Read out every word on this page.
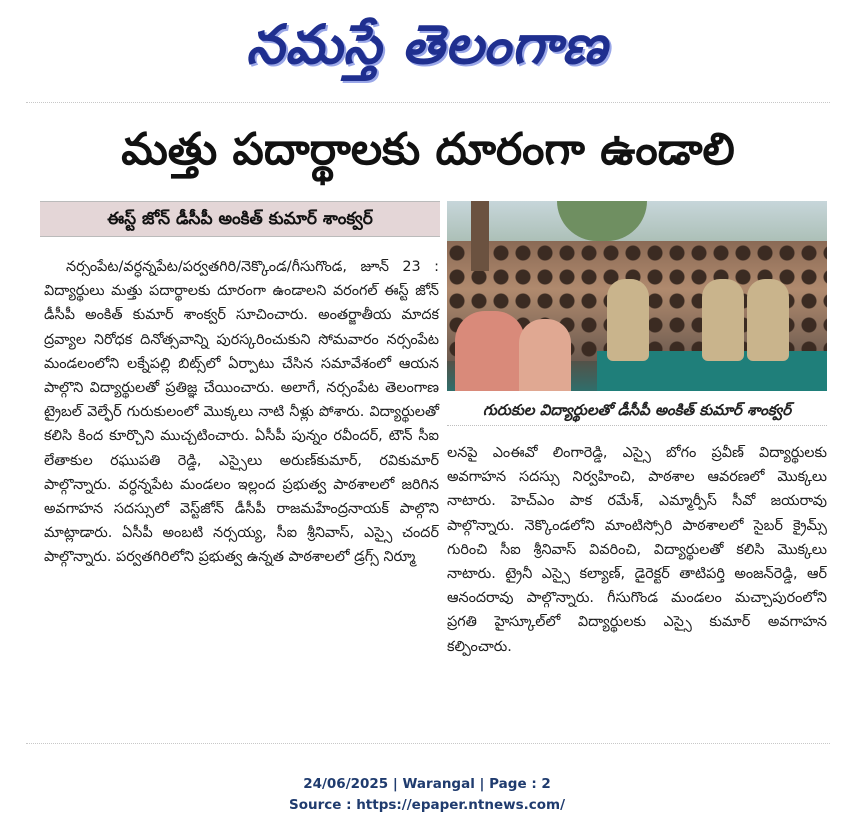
నమస్తే తెలంగాణ
మత్తు పదార్థాలకు దూరంగా ఉండాలి
ఈస్ట్ జోన్ డీసీపీ అంకిత్ కుమార్ శాంక్వర్

నర్సంపేట/వర్ధన్నపేట/పర్వతగిరి/నెక్కొండ/గీసుగొండ, జూన్ 23 : విద్యార్థులు మత్తు పదార్థాలకు దూరంగా ఉండాలని వరంగల్ ఈస్ట్ జోన్ డీసీపీ అంకిత్ కుమార్ శాంక్వర్ సూచించారు. అంతర్జాతీయ మాదక ద్రవ్యాల నిరోధక దినోత్సవాన్ని పురస్కరించుకుని సోమవారం నర్సంపేట మండలంలోని లక్నేపల్లి బిట్స్‌లో ఏర్పాటు చేసిన సమావేశంలో ఆయన పాల్గొని విద్యార్థులతో ప్రతిజ్ఞ చేయించారు. అలాగే, నర్సంపేట తెలంగాణ ట్రైబల్ వెల్ఫేర్ గురుకులంలో మొక్కలు నాటి నీళ్లు పోశారు. విద్యార్థులతో కలిసి కింద కూర్చొని ముచ్చటించారు. ఏసీపీ పున్నం రవీందర్, టౌన్ సీఐ లేతాకుల రఘుపతి రెడ్డి, ఎస్సైలు అరుణ్‌కుమార్, రవికుమార్ పాల్గొన్నారు. వర్ధన్నపేట మండలం ఇల్లంద ప్రభుత్వ పాఠశాలలో జరిగిన అవగాహన సదస్సులో వెస్ట్‌జోన్ డీసీపీ రాజమహేంద్రనాయక్ పాల్గొని మాట్లాడారు. ఏసీపీ అంబటి నర్సయ్య, సీఐ శ్రీనివాస్, ఎస్సై చందర్ పాల్గొన్నారు. పర్వతగిరిలోని ప్రభుత్వ ఉన్నత పాఠశాలలో డ్రగ్స్ నిర్మూ

గురుకుల విద్యార్థులతో డీసీపీ అంకిత్ కుమార్ శాంక్వర్

లనపై ఎంఈవో లింగారెడ్డి, ఎస్సై బోగం ప్రవీణ్ విద్యార్థులకు అవగాహన సదస్సు నిర్వహించి, పాఠశాల ఆవరణలో మొక్కలు నాటారు. హెచ్ఎం పాక రమేశ్, ఎమ్మార్పీస్ సీవో జయరావు పాల్గొన్నారు. నెక్కొండలోని మాంటిస్సోరి పాఠశాలలో సైబర్ క్రైమ్స్ గురించి సీఐ శ్రీనివాస్ వివరించి, విద్యార్థులతో కలిసి మొక్కలు నాటారు. ట్రైనీ ఎస్సై కల్యాణ్, డైరెక్టర్ తాటిపర్తి అంజన్‌రెడ్డి, ఆర్ ఆనందరావు పాల్గొన్నారు. గీసుగొండ మండలం మచ్చాపురంలోని ప్రగతి హైస్కూల్‌లో విద్యార్థులకు ఎస్సై కుమార్ అవగాహన కల్పించారు.

24/06/2025 | Warangal | Page : 2
Source : https://epaper.ntnews.com/
